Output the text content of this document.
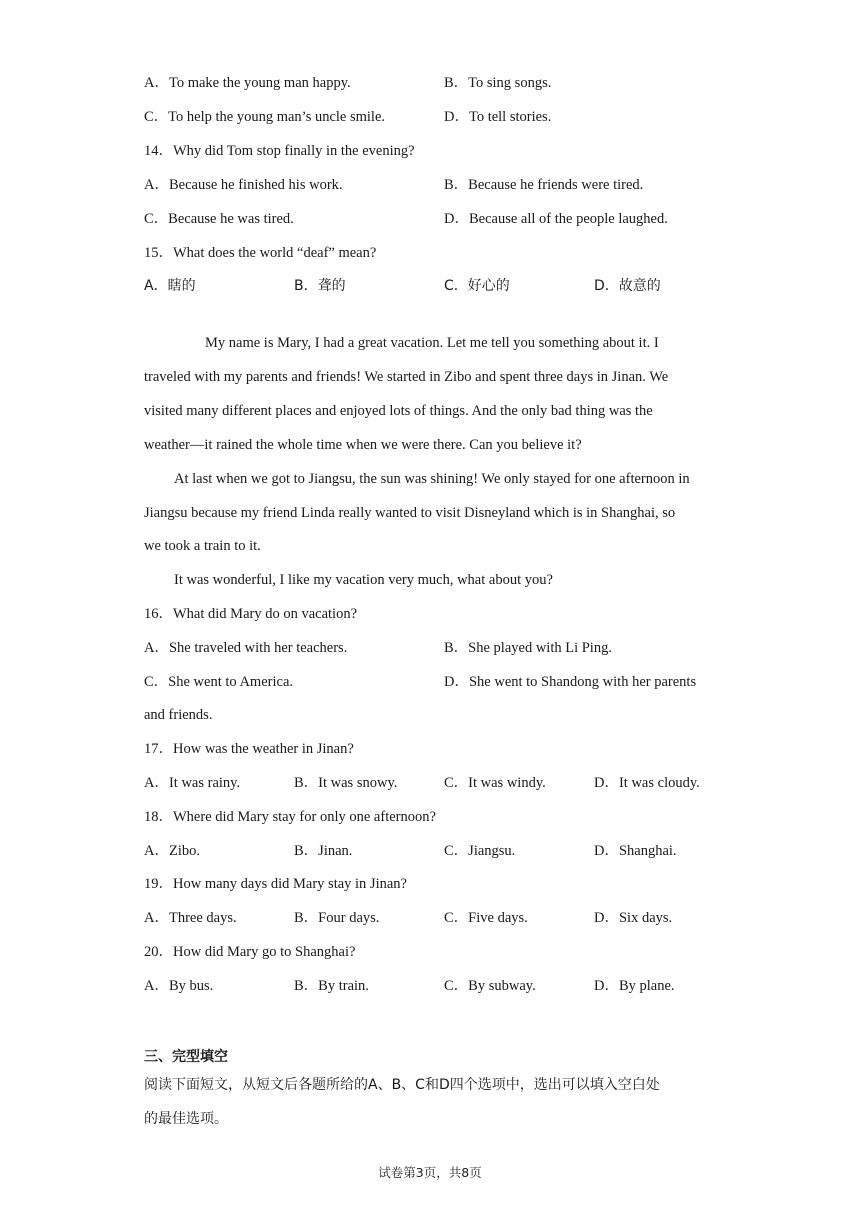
A．To make the young man happy.	B．To sing songs.
C．To help the young man’s uncle smile.	D．To tell stories.
14．Why did Tom stop finally in the evening?
A．Because he finished his work.	B．Because he friends were tired.
C．Because he was tired.	D．Because all of the people laughed.
15．What does the world “deaf” mean?
A．瞎的	B．聋的	C．好心的	D．故意的
My name is Mary, I had a great vacation. Let me tell you something about it. I
traveled with my parents and friends! We started in Zibo and spent three days in Jinan. We
visited many different places and enjoyed lots of things. And the only bad thing was the
weather—it rained the whole time when we were there. Can you believe it?
At last when we got to Jiangsu, the sun was shining! We only stayed for one afternoon in
Jiangsu because my friend Linda really wanted to visit Disneyland which is in Shanghai, so
we took a train to it.
It was wonderful, I like my vacation very much, what about you?
16．What did Mary do on vacation?
A．She traveled with her teachers.	B．She played with Li Ping.
C．She went to America.	D．She went to Shandong with her parents
and friends.
17．How was the weather in Jinan?
A．It was rainy.	B．It was snowy.	C．It was windy.	D．It was cloudy.
18．Where did Mary stay for only one afternoon?
A．Zibo.	B．Jinan.	C．Jiangsu.	D．Shanghai.
19．How many days did Mary stay in Jinan?
A．Three days.	B．Four days.	C．Five days.	D．Six days.
20．How did Mary go to Shanghai?
A．By bus.	B．By train.	C．By subway.	D．By plane.
三、完型填空
阅读下面短文，从短文后各题所给的A、B、C和D四个选项中，选出可以填入空白处
的最佳选项。
试卷第3页，共8页
